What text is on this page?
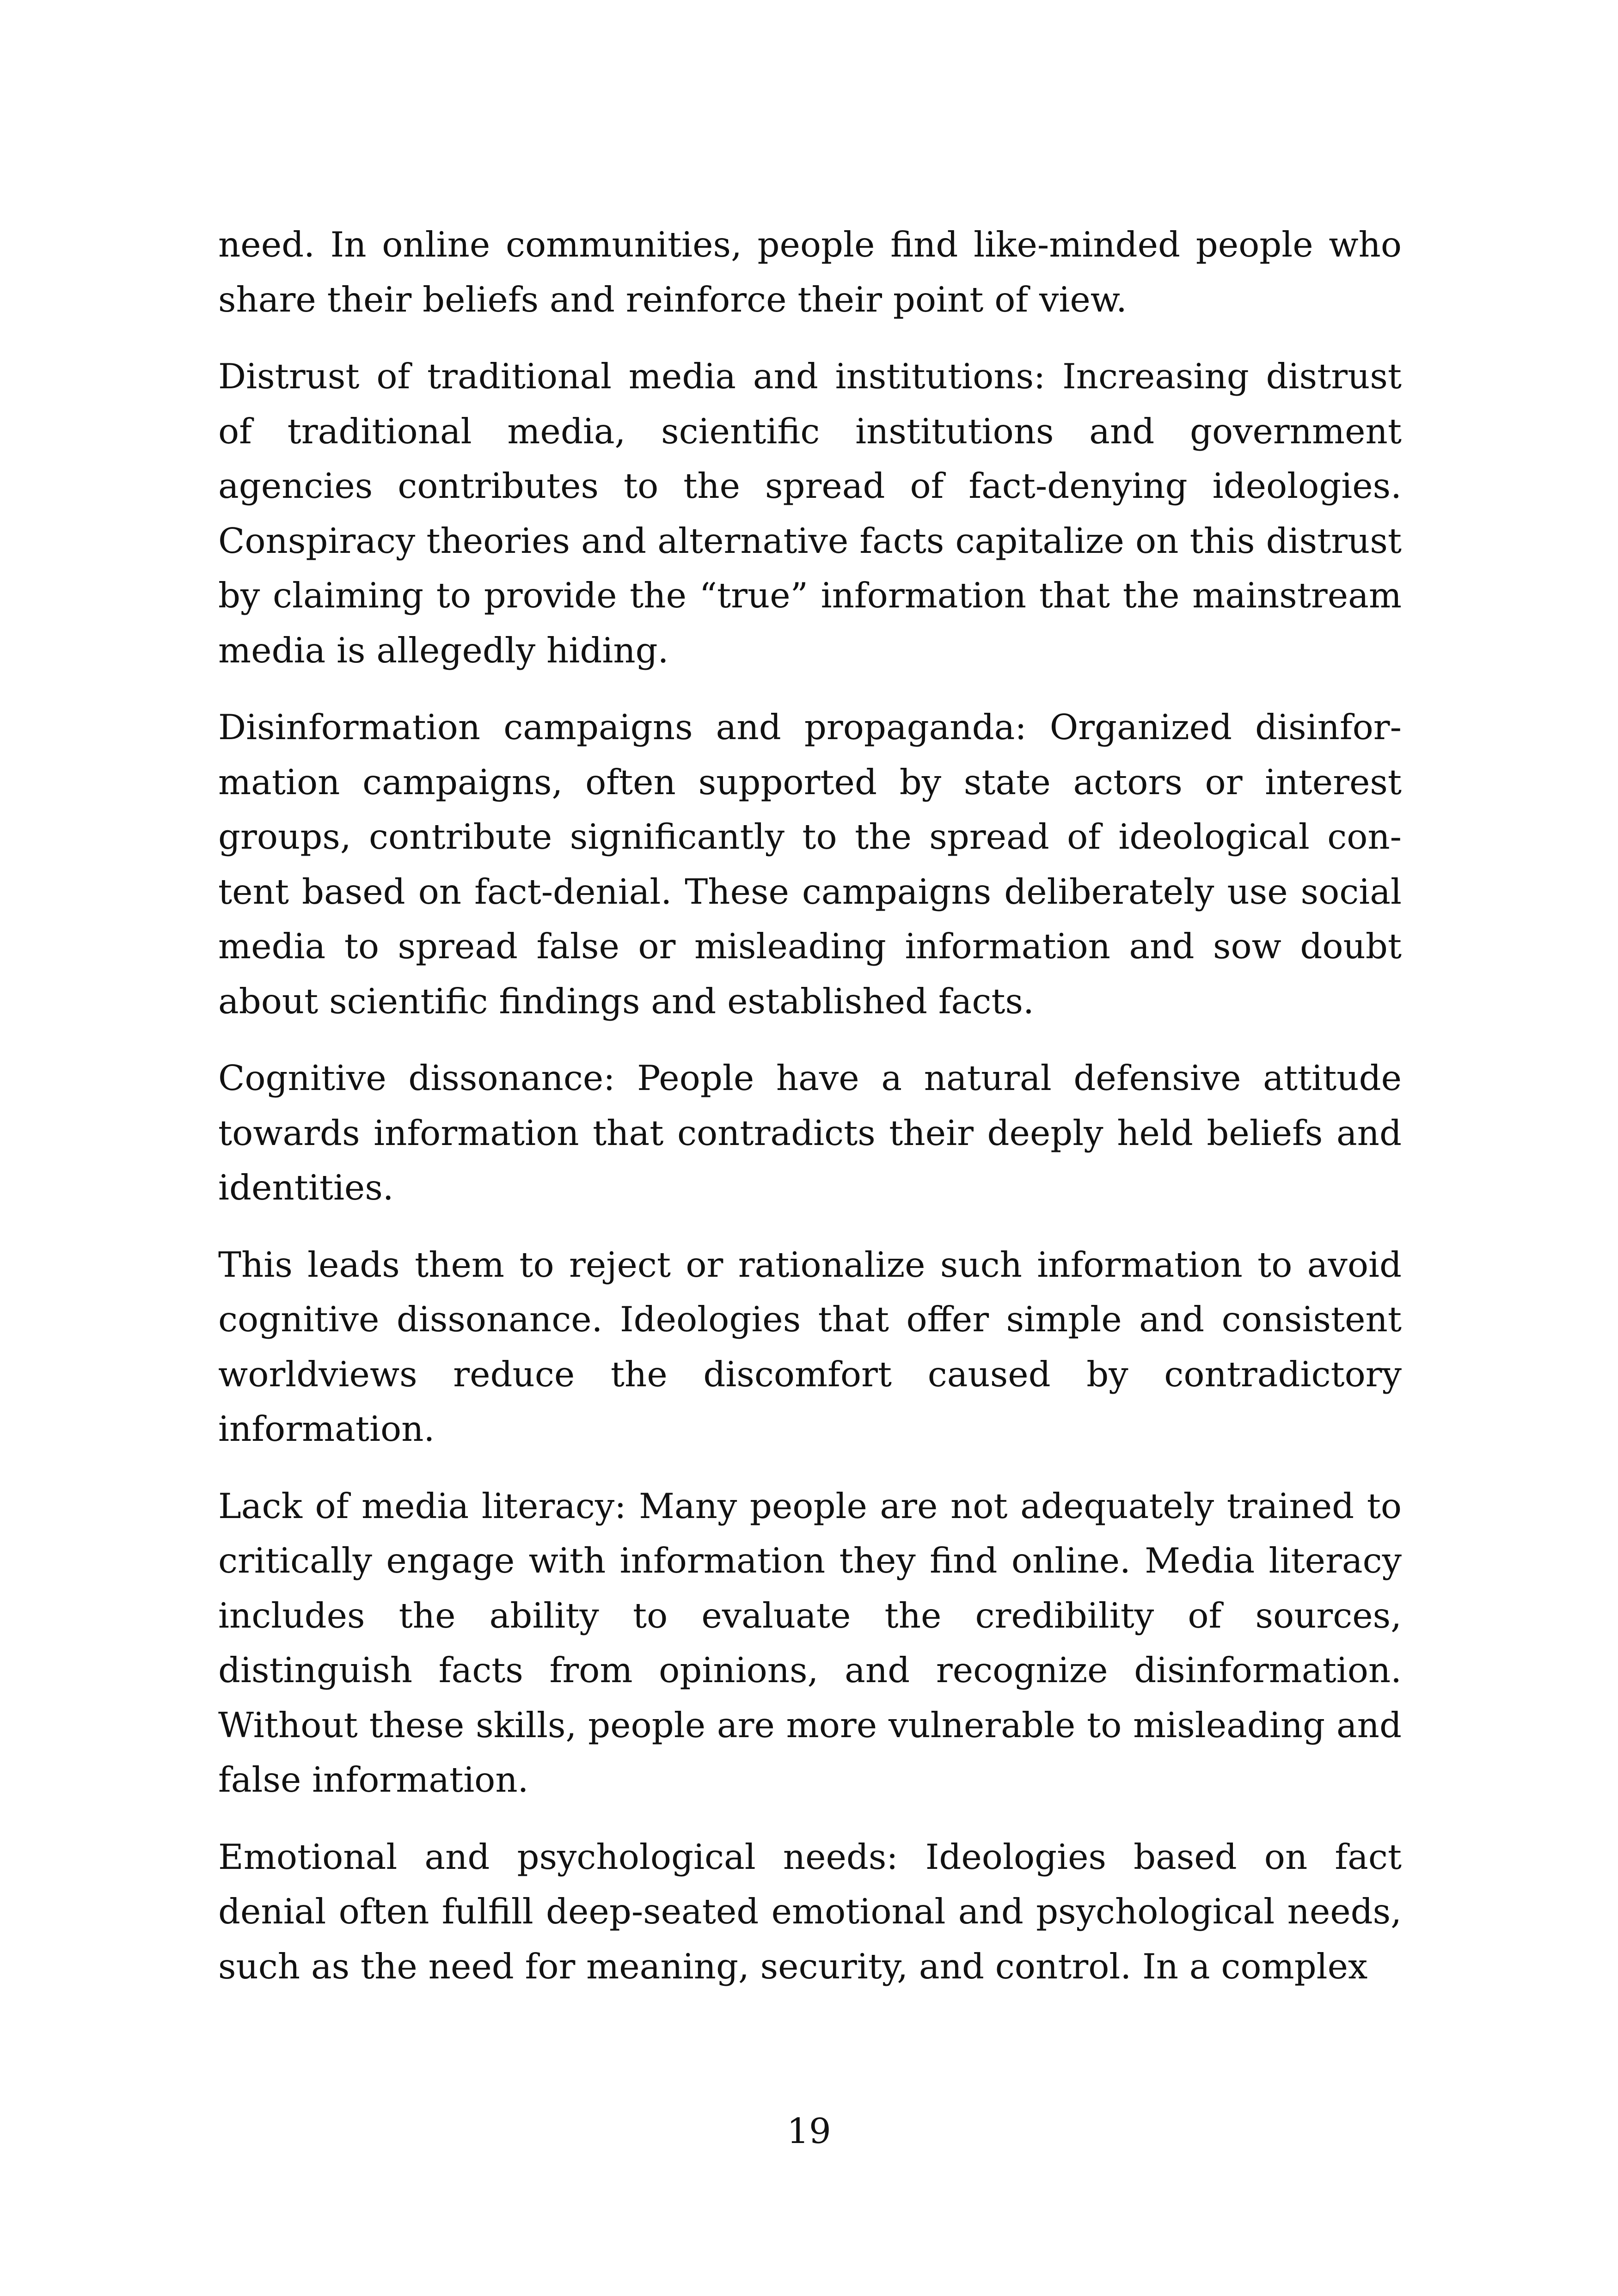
need. In online communities, people find like-minded people who share their beliefs and reinforce their point of view.

Distrust of traditional media and institutions: Increasing distrust of traditional media, scientific institutions and government agencies contributes to the spread of fact-denying ideologies. Conspiracy theories and alternative facts capitalize on this distrust by claiming to provide the “true” information that the mainstream media is allegedly hiding.

Disinformation campaigns and propaganda: Organized disinformation campaigns, often supported by state actors or interest groups, contribute significantly to the spread of ideological content based on fact-denial. These campaigns deliberately use social media to spread false or misleading information and sow doubt about scientific findings and established facts.

Cognitive dissonance: People have a natural defensive attitude towards information that contradicts their deeply held beliefs and identities.

This leads them to reject or rationalize such information to avoid cognitive dissonance. Ideologies that offer simple and consistent worldviews reduce the discomfort caused by contradictory information.

Lack of media literacy: Many people are not adequately trained to critically engage with information they find online. Media literacy includes the ability to evaluate the credibility of sources, distinguish facts from opinions, and recognize disinformation. Without these skills, people are more vulnerable to misleading and false information.

Emotional and psychological needs: Ideologies based on fact denial often fulfill deep-seated emotional and psychological needs, such as the need for meaning, security, and control. In a complex

19
